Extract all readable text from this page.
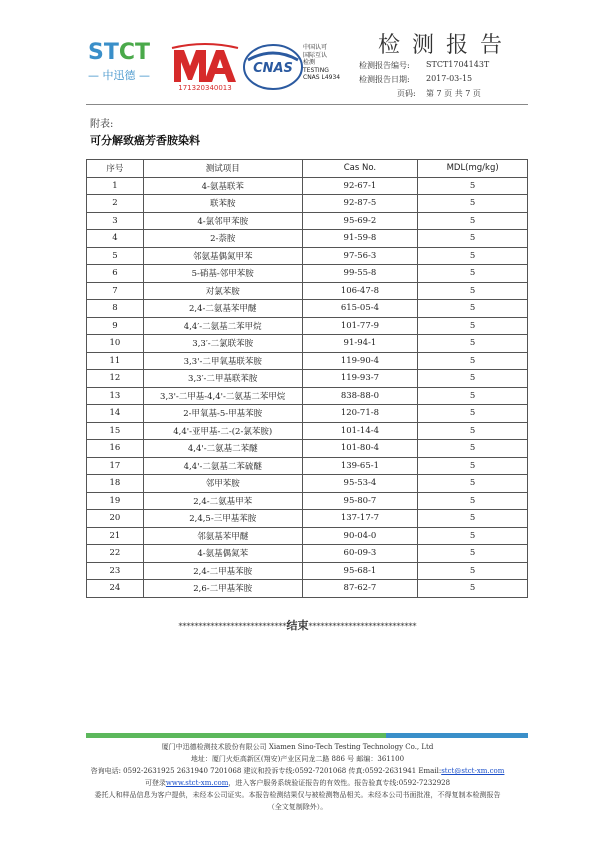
STCT
— 中迅德 —
171320340013
CNAS
中国认可
国际互认
检测
TESTING
CNAS L4934
检测报告
检测报告编号: STCT1704143T
检测报告日期: 2017-03-15
页码: 第 7 页 共 7 页
附表:
可分解致癌芳香胺染料
序号	测试项目	Cas No.	MDL(mg/kg)
1	4-氨基联苯	92-67-1	5
2	联苯胺	92-87-5	5
3	4-氯邻甲苯胺	95-69-2	5
4	2-萘胺	91-59-8	5
5	邻氨基偶氮甲苯	97-56-3	5
6	5-硝基-邻甲苯胺	99-55-8	5
7	对氯苯胺	106-47-8	5
8	2,4-二氨基苯甲醚	615-05-4	5
9	4,4′-二氨基二苯甲烷	101-77-9	5
10	3,3′-二氯联苯胺	91-94-1	5
11	3,3'-二甲氧基联苯胺	119-90-4	5
12	3,3′-二甲基联苯胺	119-93-7	5
13	3,3'-二甲基-4,4'-二氨基二苯甲烷	838-88-0	5
14	2-甲氧基-5-甲基苯胺	120-71-8	5
15	4,4'-亚甲基-二-(2-氯苯胺)	101-14-4	5
16	4,4'-二氨基二苯醚	101-80-4	5
17	4,4'-二氨基二苯硫醚	139-65-1	5
18	邻甲苯胺	95-53-4	5
19	2,4-二氨基甲苯	95-80-7	5
20	2,4,5-三甲基苯胺	137-17-7	5
21	邻氨基苯甲醚	90-04-0	5
22	4-氨基偶氮苯	60-09-3	5
23	2,4-二甲基苯胺	95-68-1	5
24	2,6-二甲基苯胺	87-62-7	5
***************************结束***************************
厦门中迅德检测技术股份有限公司 Xiamen Sino-Tech Testing Technology Co., Ltd
地址：厦门火炬高新区(翔安)产业区同龙二路 886 号 邮编：361100
咨询电话: 0592-2631925 2631940 7201068 建议和投诉专线:0592-7201068 传真:0592-2631941 Email:stct@stct-xm.com
可登录www.stct-xm.com，进入客户服务系统验证报告的有效性。报告验真专线:0592-7232928
委托人和样品信息为客户提供，未经本公司证实。本报告检测结果仅与被检测物品相关。未经本公司书面批准，不得复制本检测报告
（全文复制除外）。
